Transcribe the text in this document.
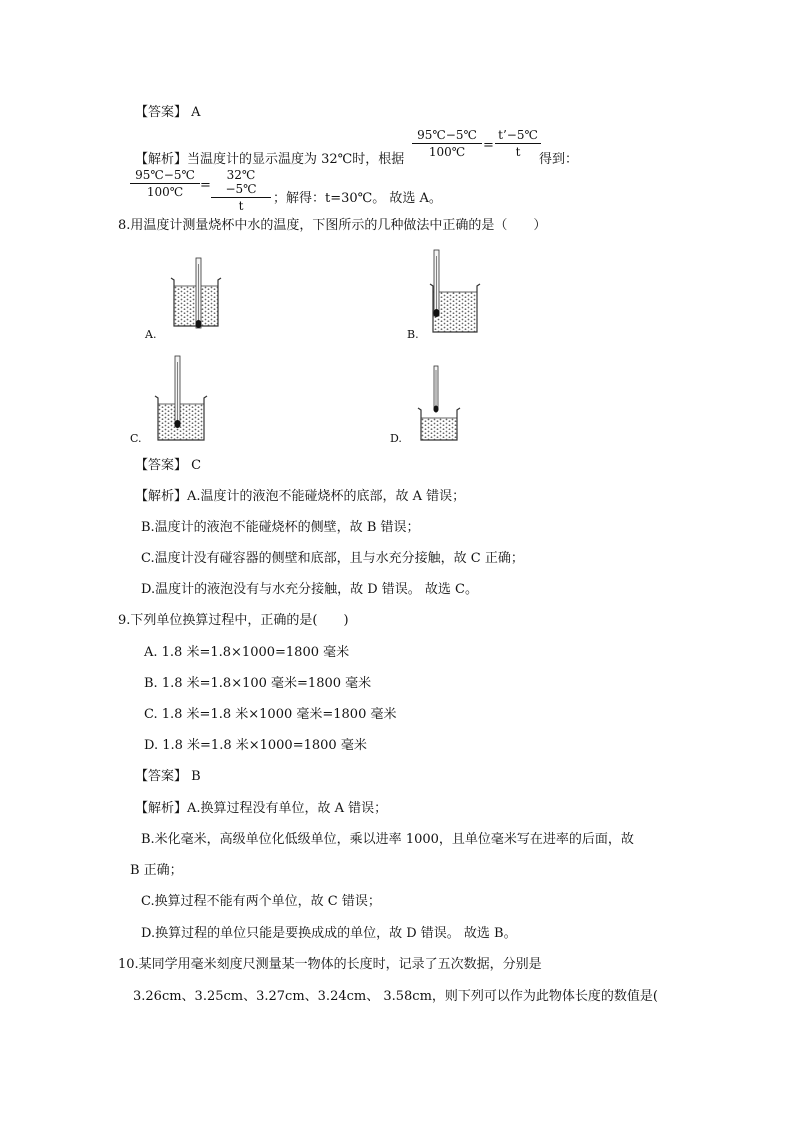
【答案】 A
95℃−5℃
100℃	=
t’−5℃
t
【解析】当温度计的显示温度为 32℃时，根据	得到：
95℃−5℃
100℃	=
32℃−5℃
t	；解得：t=30℃。 故选 A。
8.用温度计测量烧杯中水的温度，下图所示的几种做法中正确的是（　　）
A.	B.
C.	D.
【答案】 C
【解析】A.温度计的液泡不能碰烧杯的底部，故 A 错误；
B.温度计的液泡不能碰烧杯的侧壁，故 B 错误；
C.温度计没有碰容器的侧壁和底部，且与水充分接触，故 C 正确；
D.温度计的液泡没有与水充分接触，故 D 错误。 故选 C。
9.下列单位换算过程中，正确的是(　　)
A. 1.8 米=1.8×1000=1800 毫米
B. 1.8 米=1.8×100 毫米=1800 毫米
C. 1.8 米=1.8 米×1000 毫米=1800 毫米
D. 1.8 米=1.8 米×1000=1800 毫米
【答案】 B
【解析】A.换算过程没有单位，故 A 错误；
B.米化毫米，高级单位化低级单位，乘以进率 1000，且单位毫米写在进率的后面，故
B 正确；
C.换算过程不能有两个单位，故 C 错误；
D.换算过程的单位只能是要换成成的单位，故 D 错误。 故选 B。
10.某同学用毫米刻度尺测量某一物体的长度时，记录了五次数据，分别是
3.26cm、3.25cm、3.27cm、3.24cm、 3.58cm，则下列可以作为此物体长度的数值是(
